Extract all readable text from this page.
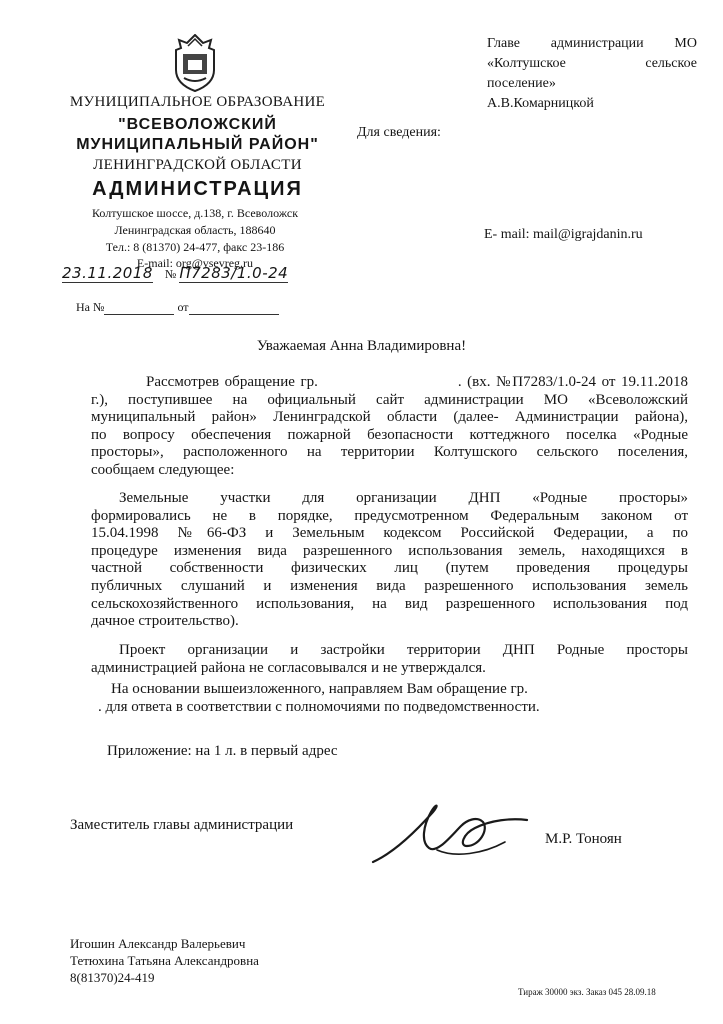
МУНИЦИПАЛЬНОЕ ОБРАЗОВАНИЕ
"ВСЕВОЛОЖСКИЙ
МУНИЦИПАЛЬНЫЙ РАЙОН"
ЛЕНИНГРАДСКОЙ ОБЛАСТИ
АДМИНИСТРАЦИЯ
Колтушское шоссе, д.138, г. Всеволожск
Ленинградская область, 188640
Тел.: 8 (81370) 24-477, факс 23-186
E-mail: org@vsevreg.ru
23.11.2018 № П7283/1.0-24
На №	от
Главе администрации МО
«Колтушское сельское
поселение»
А.В.Комарницкой
Для сведения:
E- mail: mail@igrajdanin.ru
Уважаемая Анна Владимировна!
Рассмотрев обращение гр.                         . (вх. №П7283/1.0-24 от 19.11.2018
г.), поступившее на официальный сайт администрации МО «Всеволожский
муниципальный район» Ленинградской области (далее- Администрации района),
по вопросу обеспечения пожарной безопасности коттеджного поселка «Родные
просторы», расположенного на территории Колтушского сельского поселения,
сообщаем следующее:
Земельные участки для организации ДНП «Родные просторы»
формировались не в порядке, предусмотренном Федеральным законом от
15.04.1998 №66-ФЗ и Земельным кодексом Российской Федерации, а по
процедуре изменения вида разрешенного использования земель, находящихся в
частной собственности физических лиц (путем проведения процедуры
публичных слушаний и изменения вида разрешенного использования земель
сельскохозяйственного использования, на вид разрешенного использования под
дачное строительство).
Проект организации и застройки территории ДНП Родные просторы
администрацией района не согласовывался и не утверждался.
На основании вышеизложенного, направляем Вам обращение гр.
. для ответа в соответствии с полномочиями по подведомственности.
Приложение: на 1 л. в первый адрес
Заместитель главы администрации
М.Р. Тоноян
Игошин Александр Валерьевич
Тетюхина Татьяна Александровна
8(81370)24-419
Тираж 30000 экз. Заказ 045 28.09.18
